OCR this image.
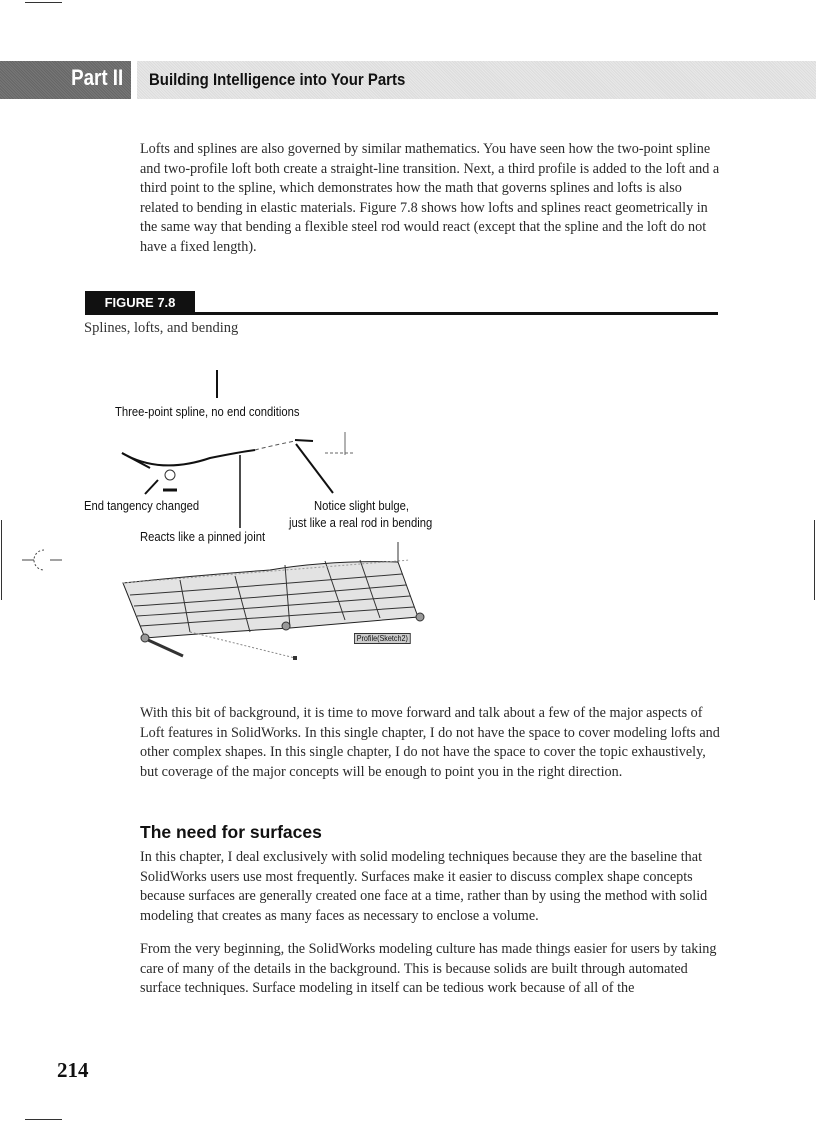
Part II Building Intelligence into Your Parts
Lofts and splines are also governed by similar mathematics. You have seen how the two-point spline and two-profile loft both create a straight-line transition. Next, a third profile is added to the loft and a third point to the spline, which demonstrates how the math that governs splines and lofts is also related to bending in elastic materials. Figure 7.8 shows how lofts and splines react geometrically in the same way that bending a flexible steel rod would react (except that the spline and the loft do not have a fixed length).
FIGURE 7.8
Splines, lofts, and bending
Three-point spline, no end conditions
End tangency changed	Notice slight bulge,
just like a real rod in bending
Reacts like a pinned joint
Profile(Sketch2)
With this bit of background, it is time to move forward and talk about a few of the major aspects of Loft features in SolidWorks. In this single chapter, I do not have the space to cover modeling lofts and other complex shapes. In this single chapter, I do not have the space to cover the topic exhaustively, but coverage of the major concepts will be enough to point you in the right direction.
The need for surfaces
In this chapter, I deal exclusively with solid modeling techniques because they are the baseline that SolidWorks users use most frequently. Surfaces make it easier to discuss complex shape concepts because surfaces are generally created one face at a time, rather than by using the method with solid modeling that creates as many faces as necessary to enclose a volume.
From the very beginning, the SolidWorks modeling culture has made things easier for users by taking care of many of the details in the background. This is because solids are built through automated surface techniques. Surface modeling in itself can be tedious work because of all of the
214
